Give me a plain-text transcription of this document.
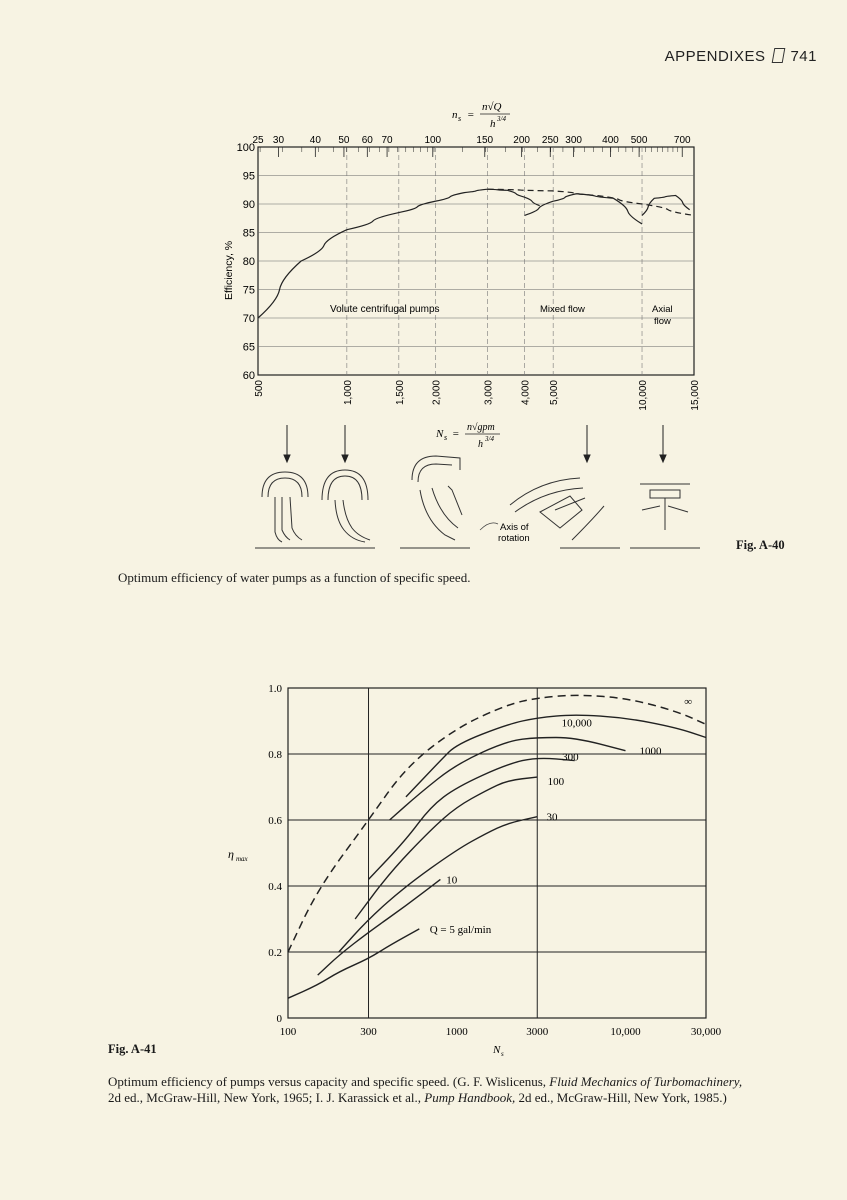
APPENDIXES 741
n s =
n√Q
h 3/4
25 30	40 50 60 70	100	150 200 250 300 400 500	700
500	1,000	1,500	2,000	3,000	4,000 5,000	10,000	15,000
100
95
90
85
80
75
70
65
60
Volute centrifugal pumps	Mixed flow	Axial
flow
Efficiency, %
N s =
n√gpm
h 3/4
Axis of
rotation	Fig. A-40
Optimum efficiency of water pumps as a function of specific speed.
100	300	1000	3000	10,000	30,000
1.0
0.8
0.6
0.4
0.2
0
Q = 5 gal/min
10
30
100
300	1000
10,000
∞
η max
N s
Fig. A-41
Optimum efficiency of pumps versus capacity and specific speed. (G. F. Wislicenus, Fluid Mechanics of Turbomachinery, 2d ed., McGraw-Hill, New York, 1965; I. J. Karassick et al., Pump Handbook, 2d ed., McGraw-Hill, New York, 1985.)
